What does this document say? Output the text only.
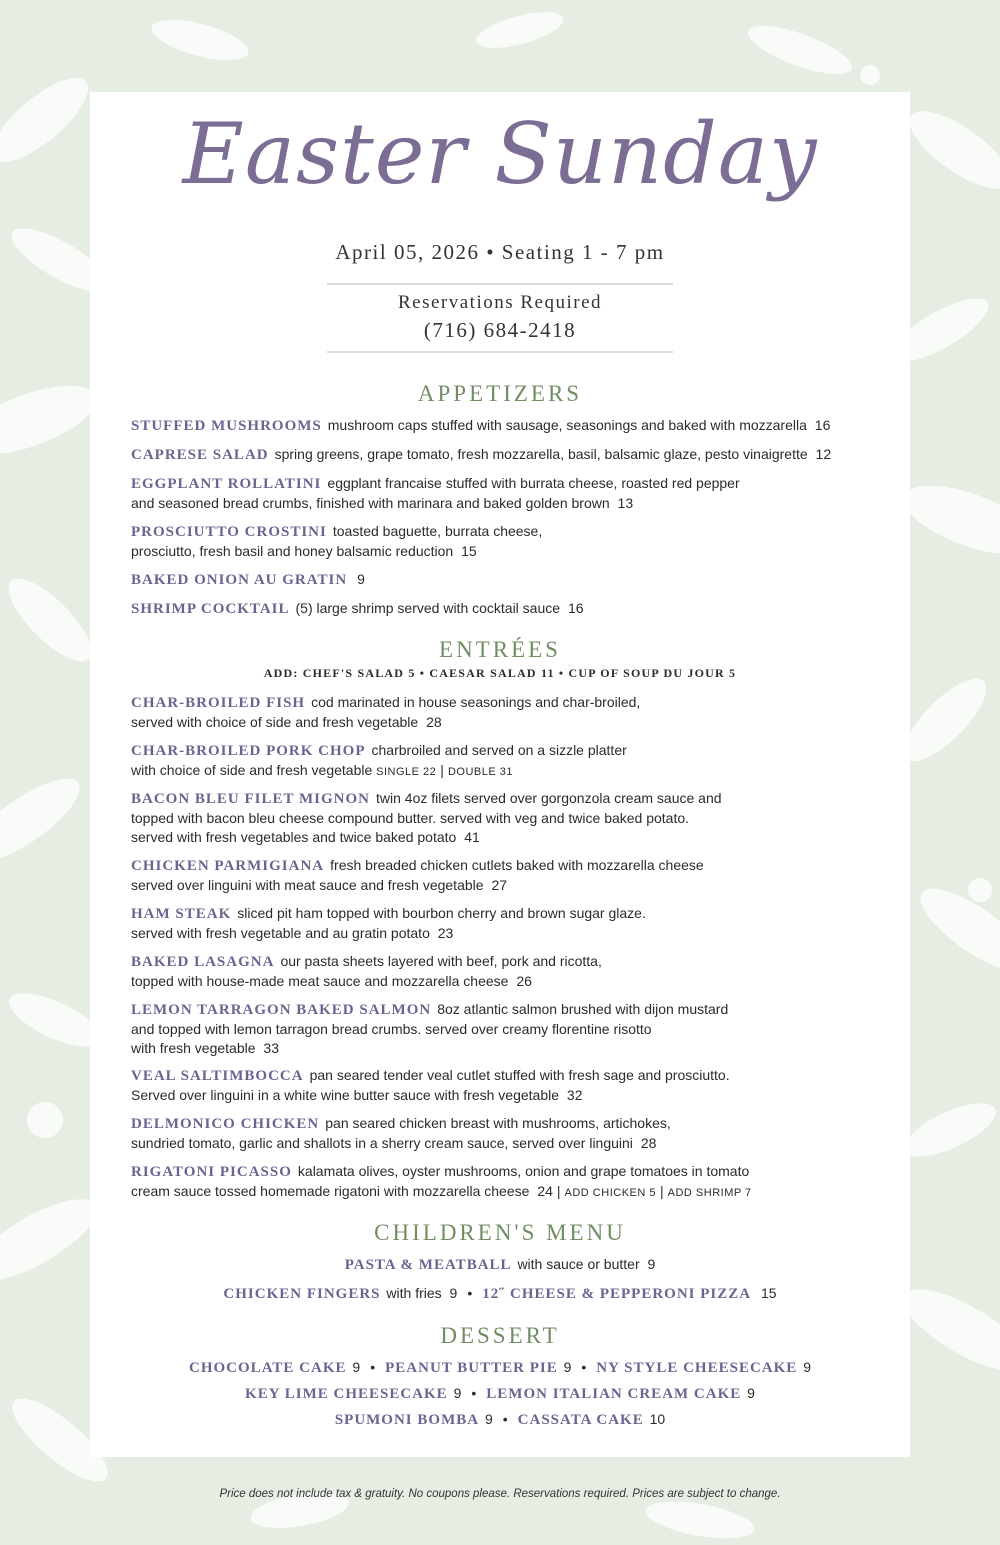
Easter Sunday
April 05, 2026 • Seating 1 - 7 pm
Reservations Required
(716) 684-2418
APPETIZERS
STUFFED MUSHROOMS mushroom caps stuffed with sausage, seasonings and baked with mozzarella 16
CAPRESE SALAD spring greens, grape tomato, fresh mozzarella, basil, balsamic glaze, pesto vinaigrette 12
EGGPLANT ROLLATINI eggplant francaise stuffed with burrata cheese, roasted red pepper
and seasoned bread crumbs, finished with marinara and baked golden brown 13
PROSCIUTTO CROSTINI toasted baguette, burrata cheese,
prosciutto, fresh basil and honey balsamic reduction 15
BAKED ONION AU GRATIN 9
SHRIMP COCKTAIL (5) large shrimp served with cocktail sauce 16
ENTRÉES
ADD: CHEF'S SALAD 5 • CAESAR SALAD 11 • CUP OF SOUP DU JOUR 5
CHAR-BROILED FISH cod marinated in house seasonings and char-broiled,
served with choice of side and fresh vegetable 28
CHAR-BROILED PORK CHOP charbroiled and served on a sizzle platter
with choice of side and fresh vegetable SINGLE 22 | DOUBLE 31
BACON BLEU FILET MIGNON twin 4oz filets served over gorgonzola cream sauce and
topped with bacon bleu cheese compound butter. served with veg and twice baked potato.
served with fresh vegetables and twice baked potato 41
CHICKEN PARMIGIANA fresh breaded chicken cutlets baked with mozzarella cheese
served over linguini with meat sauce and fresh vegetable 27
HAM STEAK sliced pit ham topped with bourbon cherry and brown sugar glaze.
served with fresh vegetable and au gratin potato 23
BAKED LASAGNA our pasta sheets layered with beef, pork and ricotta,
topped with house-made meat sauce and mozzarella cheese 26
LEMON TARRAGON BAKED SALMON 8oz atlantic salmon brushed with dijon mustard
and topped with lemon tarragon bread crumbs. served over creamy florentine risotto
with fresh vegetable 33
VEAL SALTIMBOCCA pan seared tender veal cutlet stuffed with fresh sage and prosciutto.
Served over linguini in a white wine butter sauce with fresh vegetable 32
DELMONICO CHICKEN pan seared chicken breast with mushrooms, artichokes,
sundried tomato, garlic and shallots in a sherry cream sauce, served over linguini 28
RIGATONI PICASSO kalamata olives, oyster mushrooms, onion and grape tomatoes in tomato
cream sauce tossed homemade rigatoni with mozzarella cheese 24 | ADD CHICKEN 5 | ADD SHRIMP 7
CHILDREN'S MENU
PASTA & MEATBALL with sauce or butter 9
CHICKEN FINGERS with fries 9 • 12˝ CHEESE & PEPPERONI PIZZA 15
DESSERT
CHOCOLATE CAKE 9 • PEANUT BUTTER PIE 9 • NY STYLE CHEESECAKE 9
KEY LIME CHEESECAKE 9 • LEMON ITALIAN CREAM CAKE 9
SPUMONI BOMBA 9 • CASSATA CAKE 10
Price does not include tax & gratuity. No coupons please. Reservations required. Prices are subject to change.
